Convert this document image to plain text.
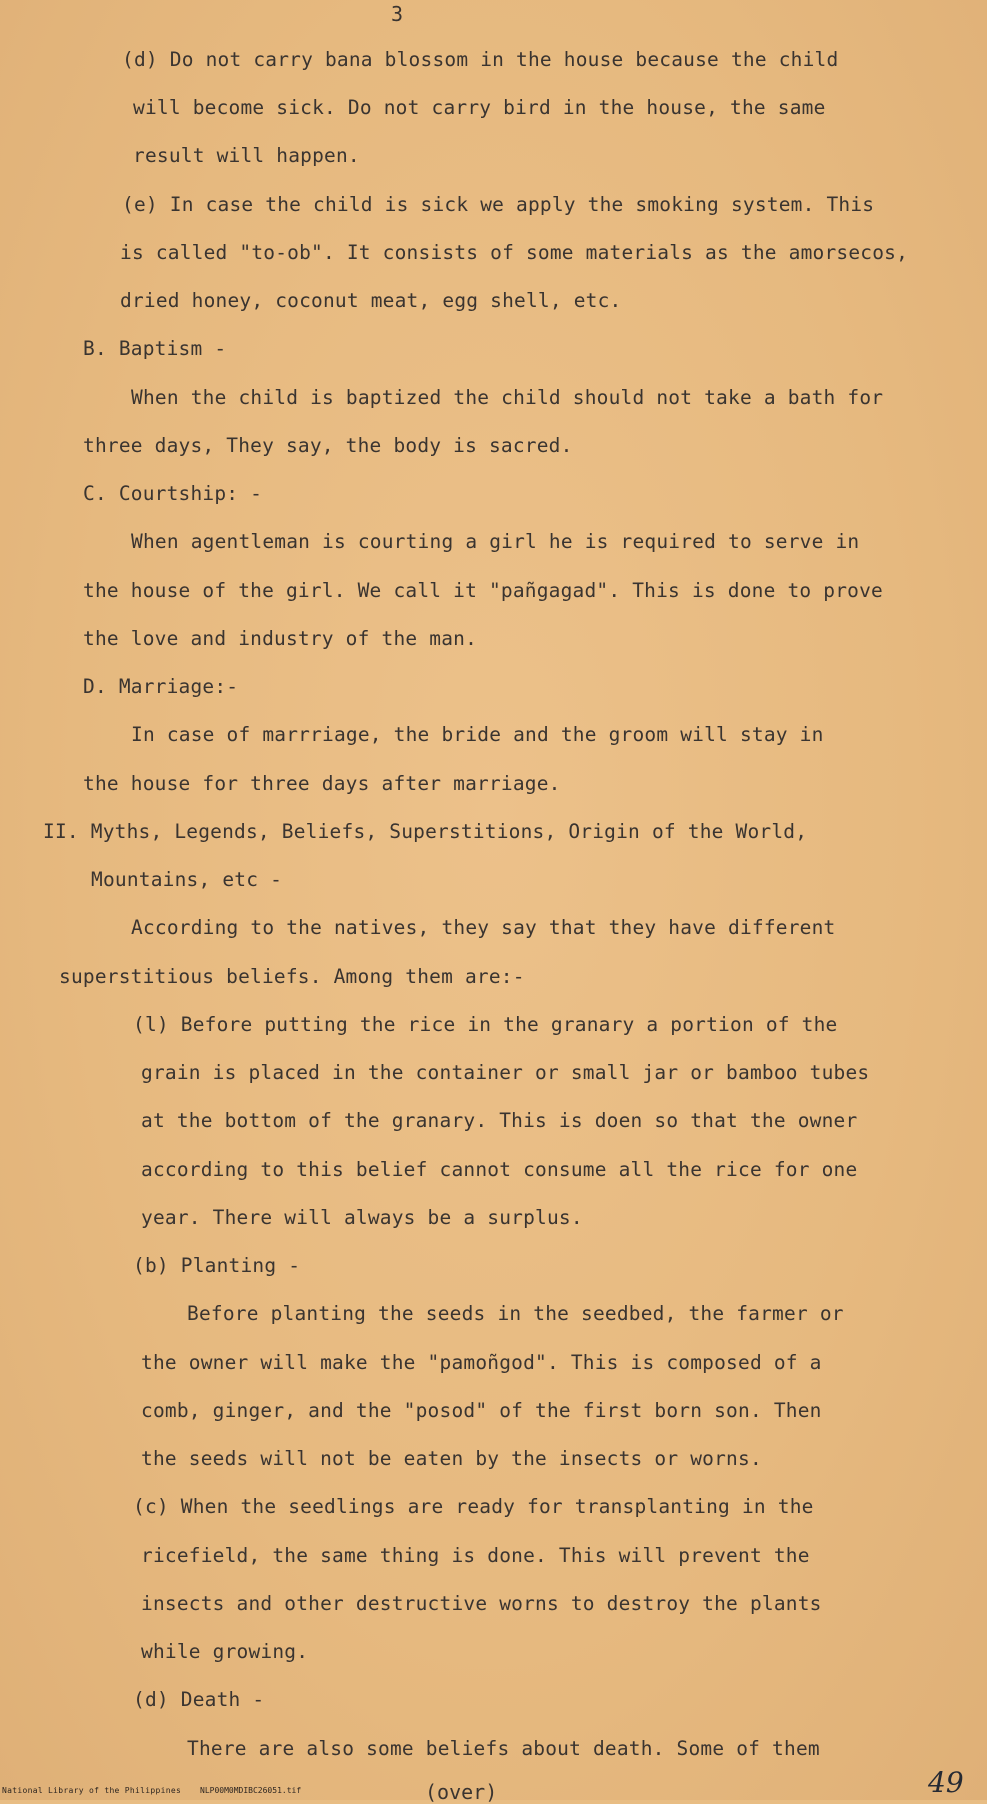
3
(d) Do not carry bana blossom in the house because the child
will become sick. Do not carry bird in the house, the same
result will happen.
(e) In case the child is sick we apply the smoking system. This
is called "to-ob". It consists of some materials as the amorsecos,
dried honey, coconut meat, egg shell, etc.
B. Baptism -
When the child is baptized the child should not take a bath for
three days, They say, the body is sacred.
C. Courtship: -
When agentleman is courting a girl he is required to serve in
the house of the girl. We call it "pañgagad". This is done to prove
the love and industry of the man.
D. Marriage:-
In case of marrriage, the bride and the groom will stay in
the house for three days after marriage.
II. Myths, Legends, Beliefs, Superstitions, Origin of the World,
Mountains, etc -
According to the natives, they say that they have different
superstitious beliefs. Among them are:-
(l) Before putting the rice in the granary a portion of the
grain is placed in the container or small jar or bamboo tubes
at the bottom of the granary. This is doen so that the owner
according to this belief cannot consume all the rice for one
year. There will always be a surplus.
(b) Planting -
Before planting the seeds in the seedbed, the farmer or
the owner will make the "pamoñgod". This is composed of a
comb, ginger, and the "posod" of the first born son. Then
the seeds will not be eaten by the insects or worns.
(c) When the seedlings are ready for transplanting in the
ricefield, the same thing is done. This will prevent the
insects and other destructive worns to destroy the plants
while growing.
(d) Death -
There are also some beliefs about death. Some of them
National Library of the Philippines NLP00M0MDIBC26051.tif	(over)	49
